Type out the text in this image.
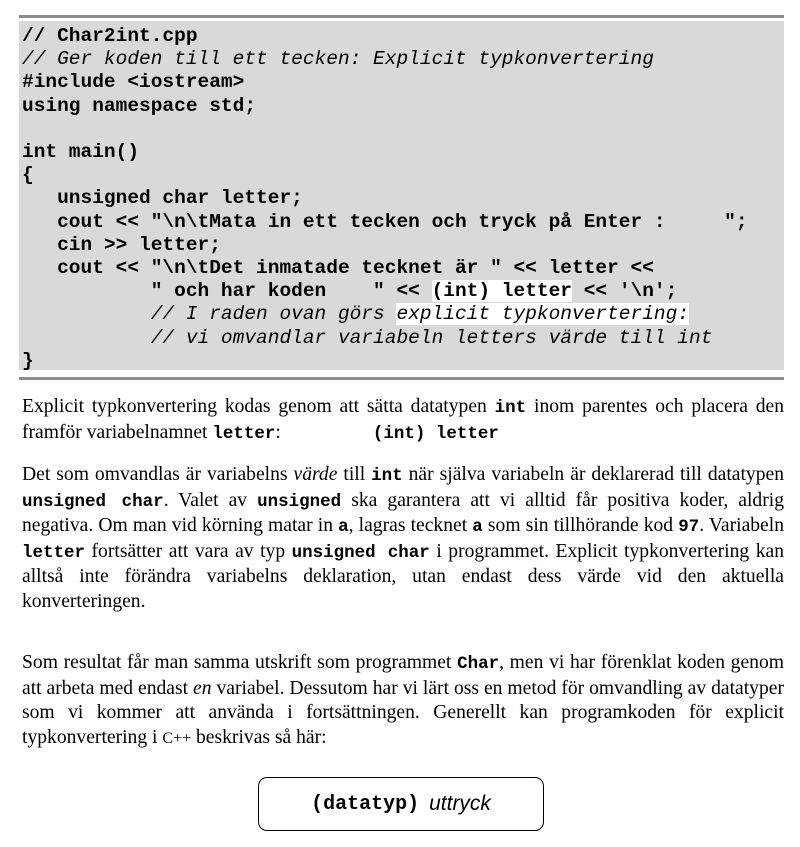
// Char2int.cpp
// Ger koden till ett tecken: Explicit typkonvertering
#include <iostream>
using namespace std;

int main()
{
unsigned char letter;
cout << "\n\tMata in ett tecken och tryck på Enter :     ";
cin >> letter;
cout << "\n\tDet inmatade tecknet är " << letter <<
" och har koden    " << (int) letter << '\n';
// I raden ovan görs explicit typkonvertering:
// vi omvandlar variabeln letters värde till int
}

Explicit typkonvertering kodas genom att sätta datatypen int inom parentes och placera den framför variabelnamnet letter:	(int) letter

Det som omvandlas är variabelns värde till int när själva variabeln är deklarerad till datatypen unsigned char. Valet av unsigned ska garantera att vi alltid får positiva koder, aldrig negativa. Om man vid körning matar in a, lagras tecknet a som sin tillhörande kod 97. Variabeln letter fortsätter att vara av typ unsigned char i programmet. Explicit typkonvertering kan alltså inte förändra variabelns deklaration, utan endast dess värde vid den aktuella konverteringen.

Som resultat får man samma utskrift som programmet Char, men vi har förenklat koden genom att arbeta med endast en variabel. Dessutom har vi lärt oss en metod för omvandling av datatyper som vi kommer att använda i fortsättningen. Generellt kan programkoden för explicit typkonvertering i C++ beskrivas så här:

(datatyp) uttryck
